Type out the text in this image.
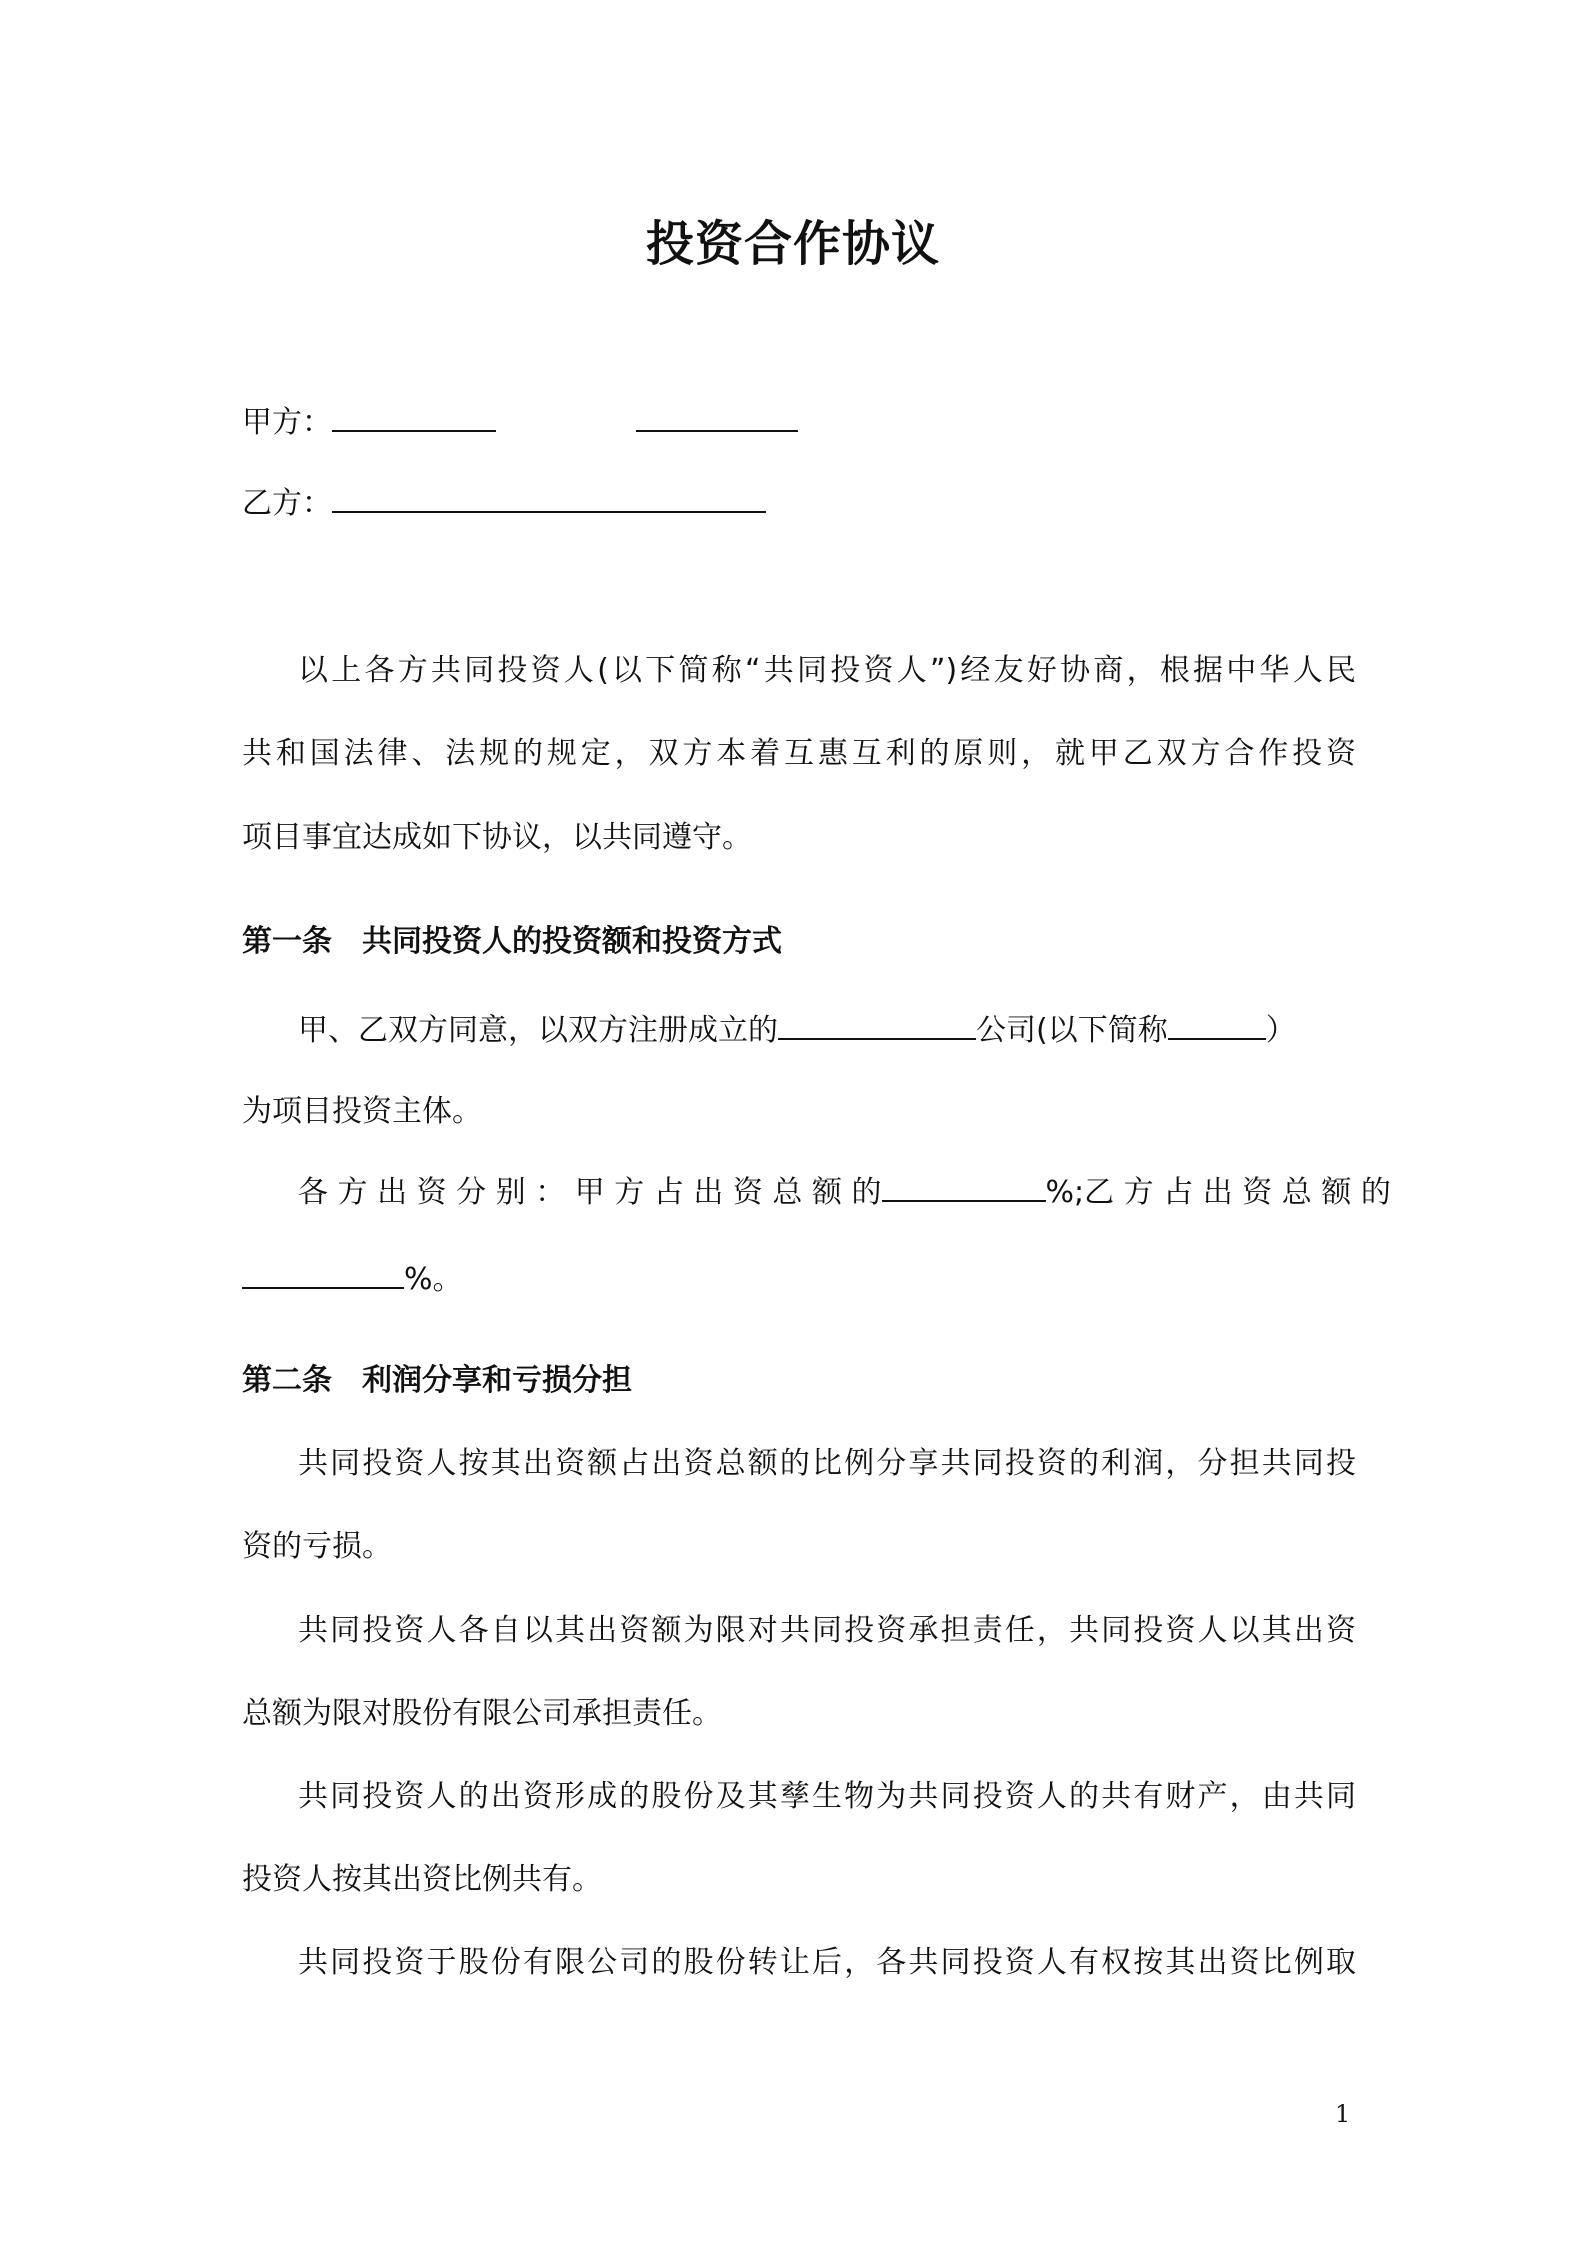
投资合作协议
甲方：
乙方：
以上各方共同投资人(以下简称“共同投资人”)经友好协商，根据中华人民
共和国法律、法规的规定，双方本着互惠互利的原则，就甲乙双方合作投资
项目事宜达成如下协议，以共同遵守。
第一条　共同投资人的投资额和投资方式
甲、乙双方同意，以双方注册成立的	公司(以下简称	）
为项目投资主体。
各 方 出 资 分 别 ： 甲 方 占 出 资 总 额 的	%;乙 方 占 出 资 总 额 的
%。
第二条　利润分享和亏损分担
共同投资人按其出资额占出资总额的比例分享共同投资的利润，分担共同投
资的亏损。
共同投资人各自以其出资额为限对共同投资承担责任，共同投资人以其出资
总额为限对股份有限公司承担责任。
共同投资人的出资形成的股份及其孳生物为共同投资人的共有财产，由共同
投资人按其出资比例共有。
共同投资于股份有限公司的股份转让后，各共同投资人有权按其出资比例取
1
